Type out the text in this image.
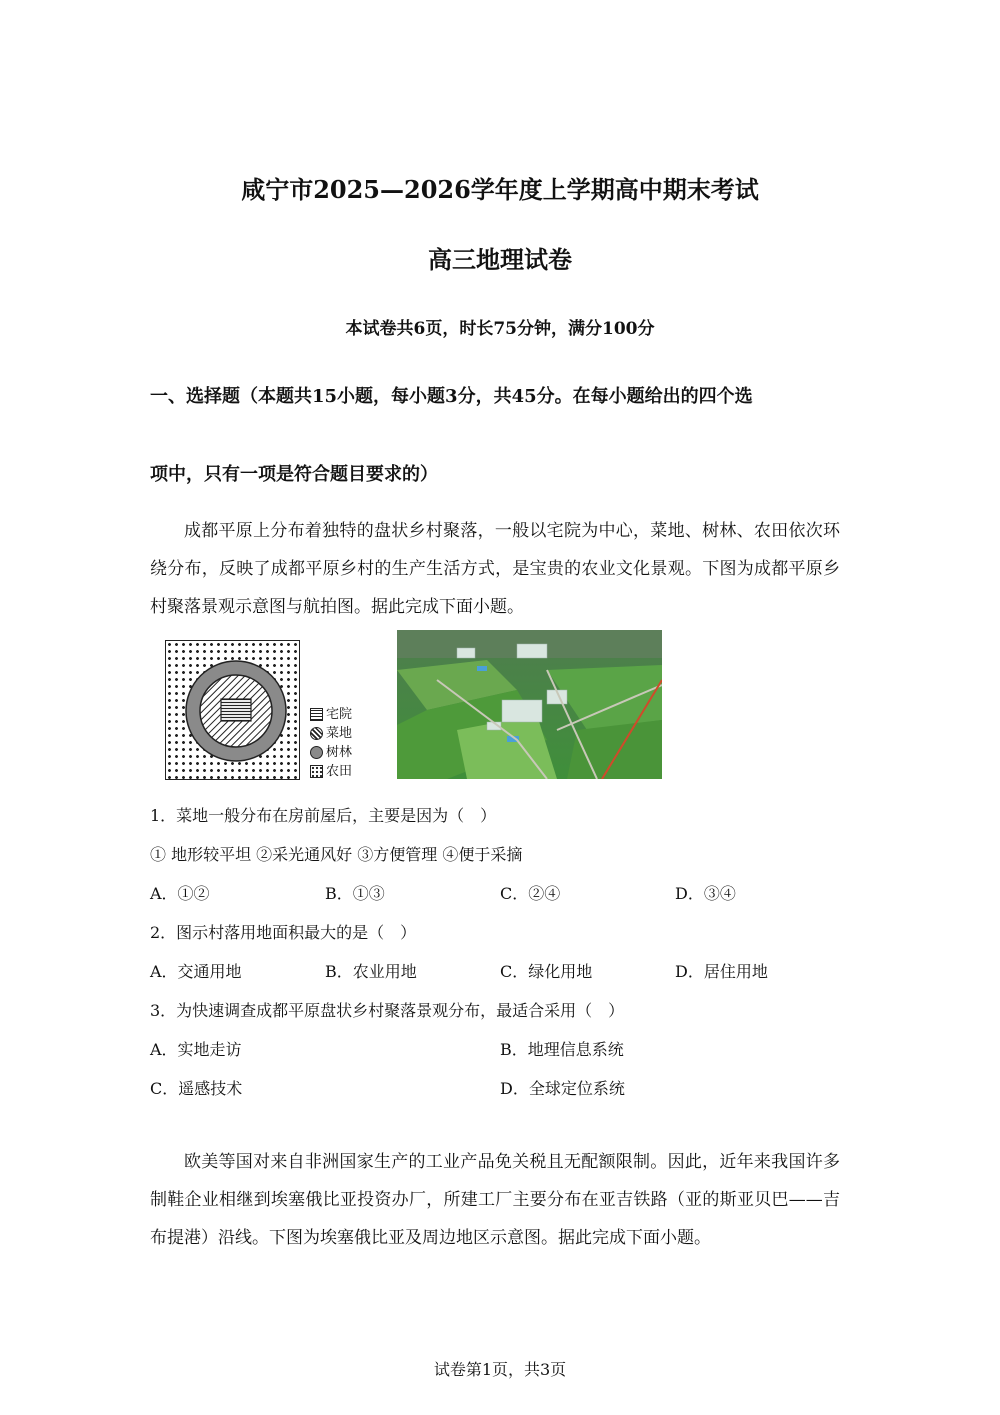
咸宁市2025—2026学年度上学期高中期末考试
高三地理试卷
本试卷共6页，时长75分钟，满分100分
一、选择题（本题共15小题，每小题3分，共45分。在每小题给出的四个选
项中，只有一项是符合题目要求的）
成都平原上分布着独特的盘状乡村聚落，一般以宅院为中心，菜地、树林、农田依次环绕分布，反映了成都平原乡村的生产生活方式，是宝贵的农业文化景观。下图为成都平原乡村聚落景观示意图与航拍图。据此完成下面小题。
宅院
菜地
树林
农田
1．菜地一般分布在房前屋后，主要是因为（　）
① 地形较平坦 ②采光通风好 ③方便管理 ④便于采摘
A．①②	B．①③	C．②④	D．③④
2．图示村落用地面积最大的是（　）
A．交通用地	B．农业用地	C．绿化用地	D．居住用地
3．为快速调查成都平原盘状乡村聚落景观分布，最适合采用（　）
A．实地走访	B．地理信息系统
C．遥感技术	D．全球定位系统
欧美等国对来自非洲国家生产的工业产品免关税且无配额限制。因此，近年来我国许多制鞋企业相继到埃塞俄比亚投资办厂，所建工厂主要分布在亚吉铁路（亚的斯亚贝巴——吉布提港）沿线。下图为埃塞俄比亚及周边地区示意图。据此完成下面小题。
试卷第1页，共3页
